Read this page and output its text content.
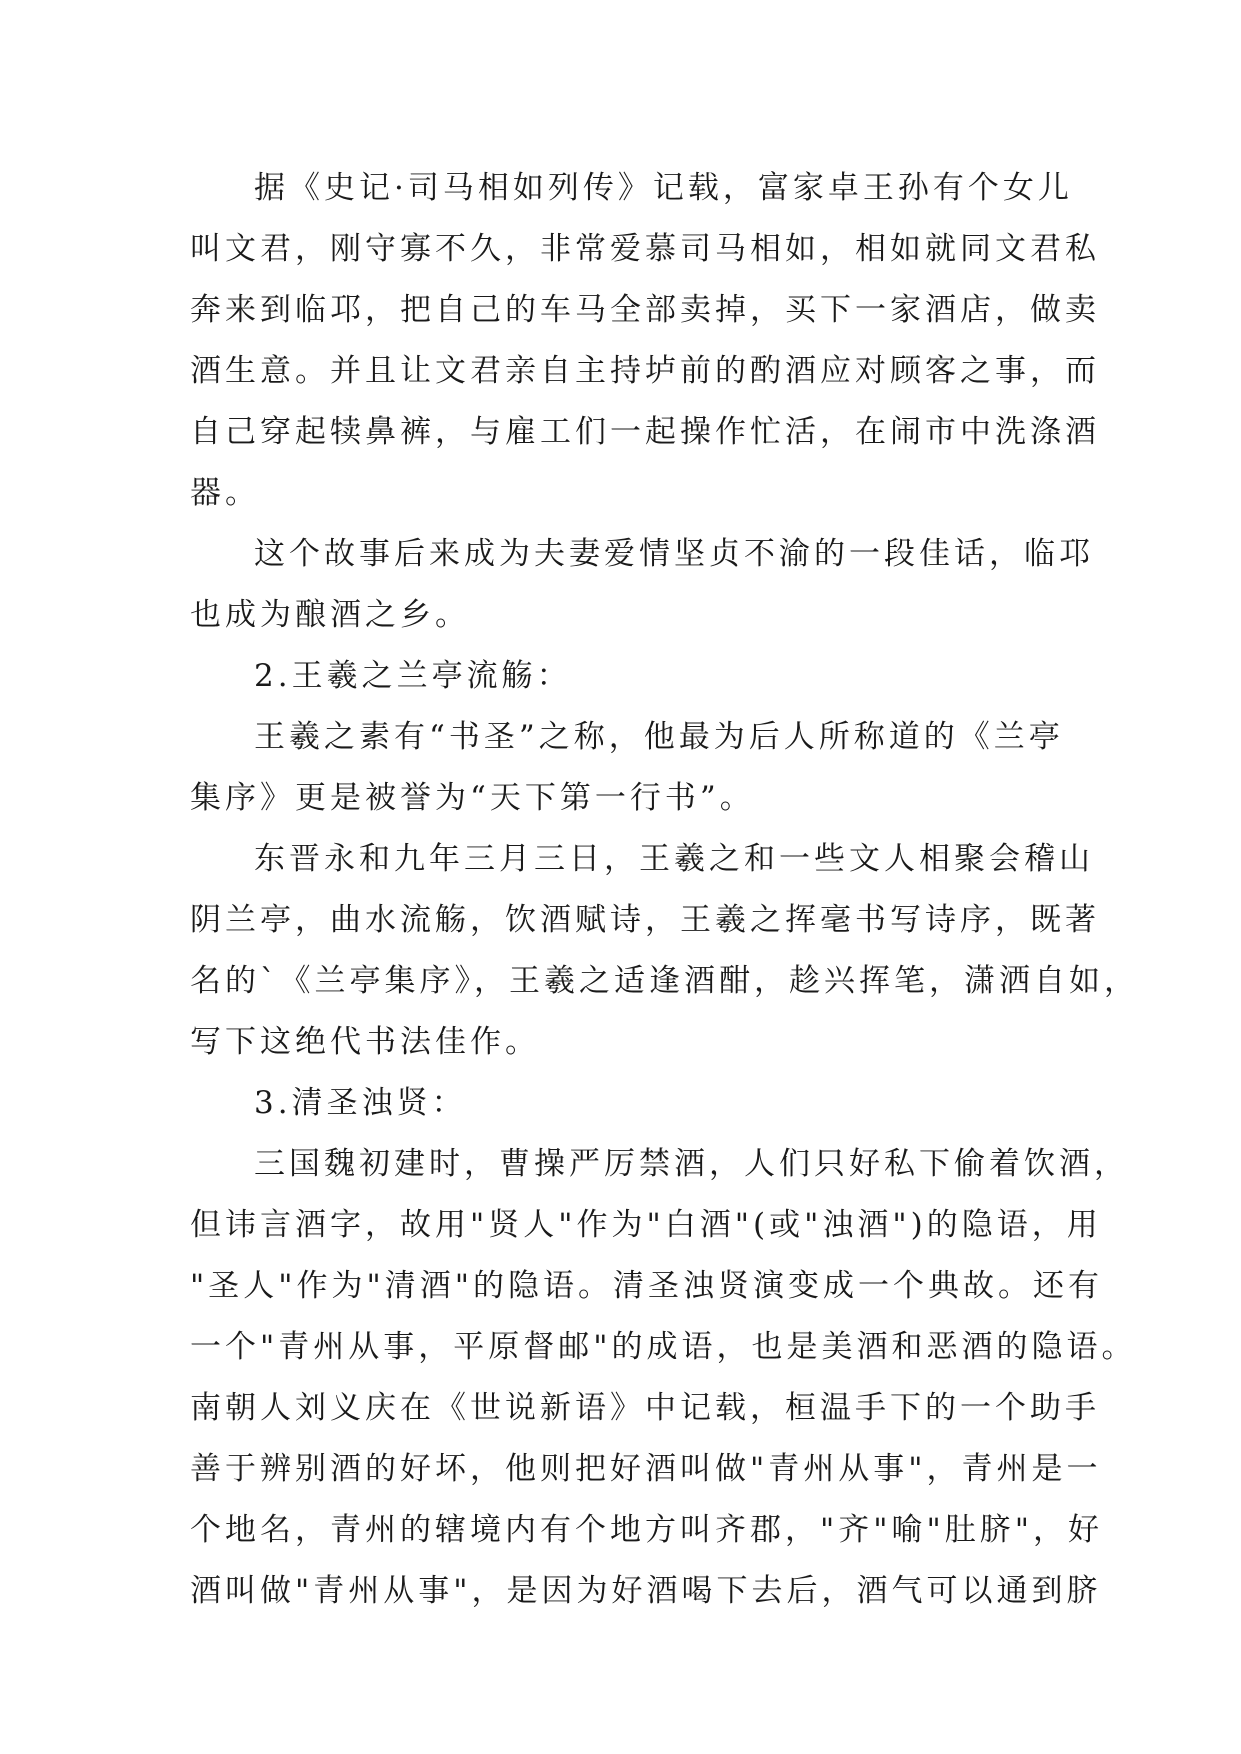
据《史记·司马相如列传》记载，富家卓王孙有个女儿
叫文君，刚守寡不久，非常爱慕司马相如，相如就同文君私
奔来到临邛，把自己的车马全部卖掉，买下一家酒店，做卖
酒生意。并且让文君亲自主持垆前的酌酒应对顾客之事，而
自己穿起犊鼻裤，与雇工们一起操作忙活，在闹市中洗涤酒
器。
这个故事后来成为夫妻爱情坚贞不渝的一段佳话，临邛
也成为酿酒之乡。
2.王羲之兰亭流觞：
王羲之素有“书圣”之称，他最为后人所称道的《兰亭
集序》更是被誉为“天下第一行书”。
东晋永和九年三月三日，王羲之和一些文人相聚会稽山
阴兰亭，曲水流觞，饮酒赋诗，王羲之挥毫书写诗序，既著
名的`《兰亭集序》，王羲之适逢酒酣，趁兴挥笔，潇洒自如，
写下这绝代书法佳作。
3.清圣浊贤：
三国魏初建时，曹操严厉禁酒，人们只好私下偷着饮酒，
但讳言酒字，故用"贤人"作为"白酒"(或"浊酒")的隐语，用
"圣人"作为"清酒"的隐语。清圣浊贤演变成一个典故。还有
一个"青州从事，平原督邮"的成语，也是美酒和恶酒的隐语。
南朝人刘义庆在《世说新语》中记载，桓温手下的一个助手
善于辨别酒的好坏，他则把好酒叫做"青州从事"，青州是一
个地名，青州的辖境内有个地方叫齐郡，"齐"喻"肚脐"，好
酒叫做"青州从事"，是因为好酒喝下去后，酒气可以通到脐
